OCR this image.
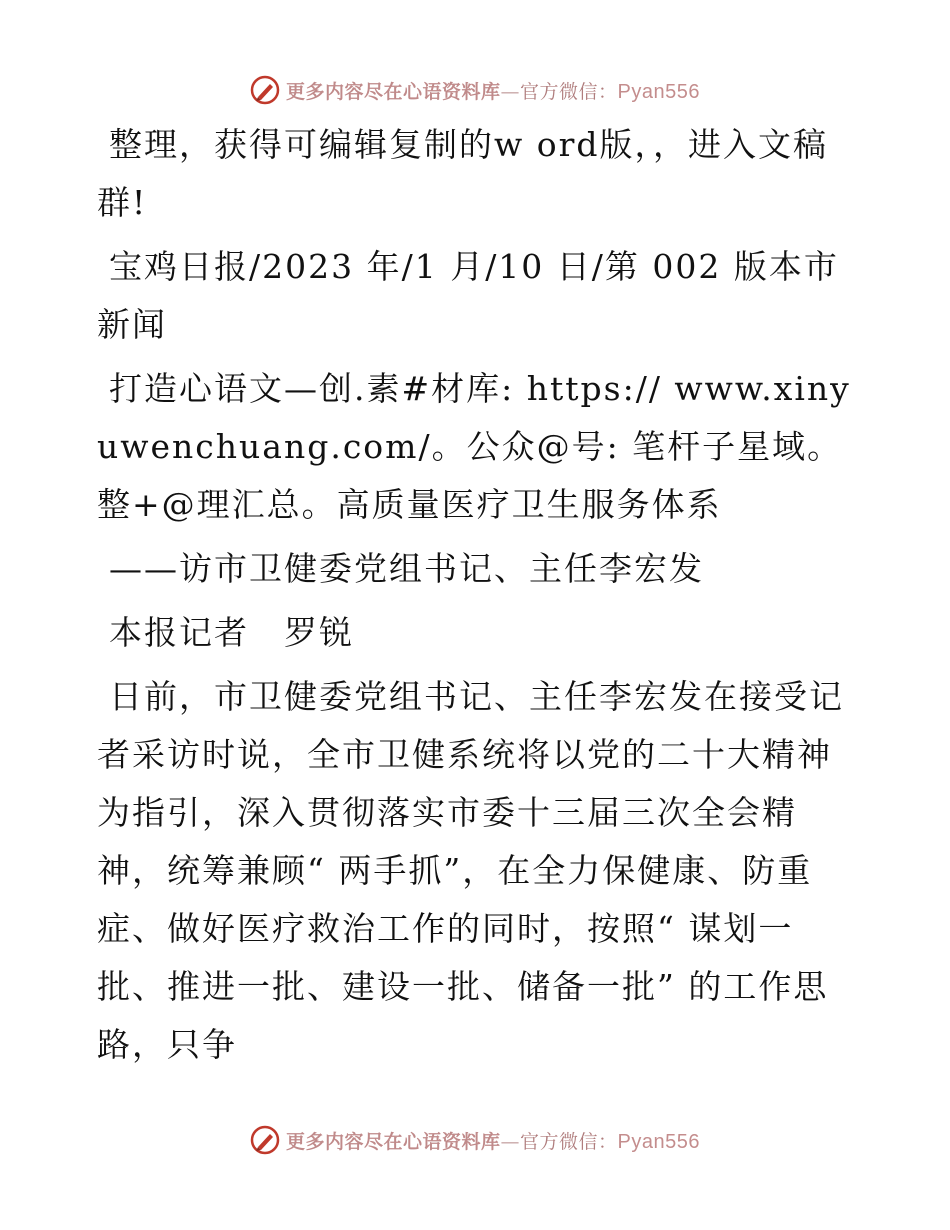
更多内容尽在心语资料库—官方微信：Pyan556

整理，获得可编辑复制的w ord版，，进入文稿群!

宝鸡日报/2023 年/1 月/10 日/第 002 版本市新闻

打造心语文—创.素#材库: https:// www.xinyuwenchuang.com/。公众@号: 笔杆子星域。整+@理汇总。高质量医疗卫生服务体系

——访市卫健委党组书记、主任李宏发

本报记者　罗锐

日前，市卫健委党组书记、主任李宏发在接受记者采访时说，全市卫健系统将以党的二十大精神为指引，深入贯彻落实市委十三届三次全会精神，统筹兼顾“ 两手抓”，在全力保健康、防重症、做好医疗救治工作的同时，按照“ 谋划一批、推进一批、建设一批、储备一批” 的工作思路，只争

更多内容尽在心语资料库—官方微信：Pyan556
